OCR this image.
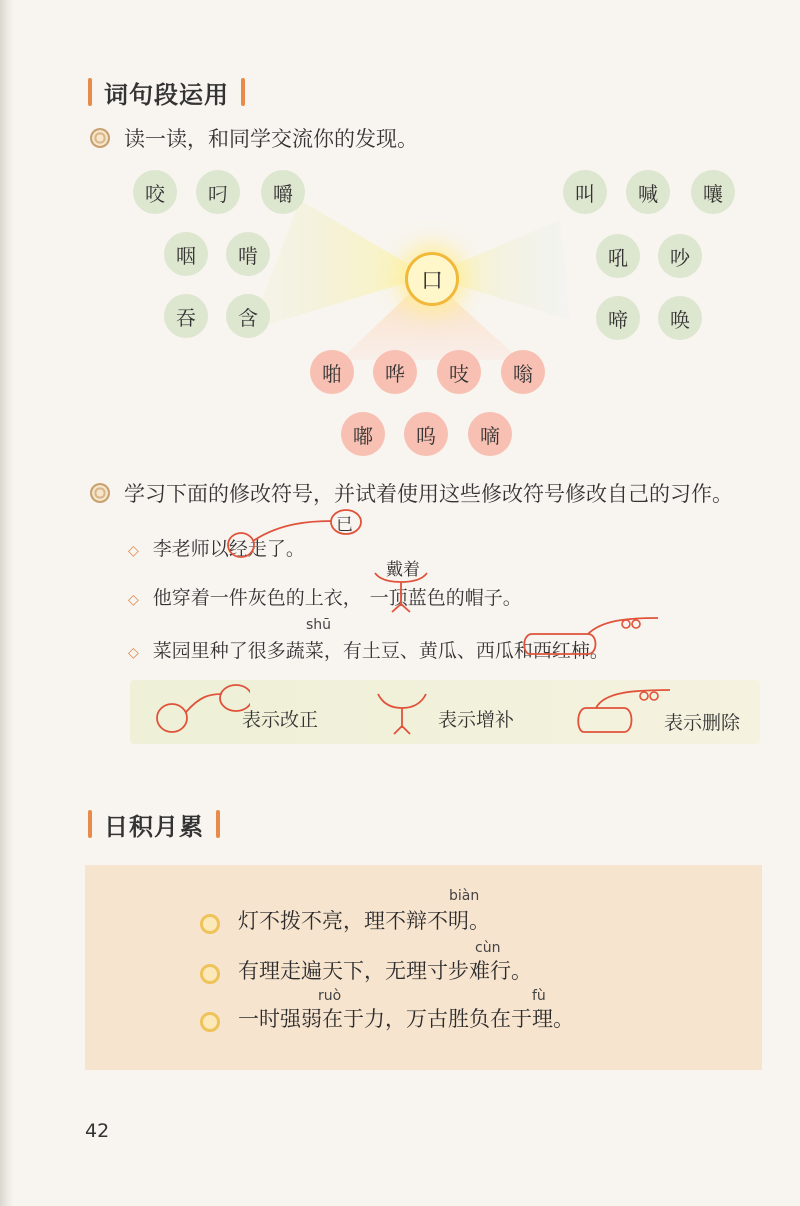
词句段运用
读一读，和同学交流你的发现。
口
咬	叼	嚼
咽	啃
吞	含
叫	喊	嚷
吼	吵
啼	唤
啪	哗	吱	嗡
嘟	呜	嘀
学习下面的修改符号，并试着使用这些修改符号修改自己的习作。
◇ 李老师以经走了。
已
戴着
◇ 他穿着一件灰色的上衣， 一顶蓝色的帽子。
shū
◇ 菜园里种了很多蔬菜，有土豆、黄瓜、西瓜和西红柿。
表示改正	表示增补	表示删除
日积月累
biàn
灯不拨不亮，理不辩不明。
cùn
有理走遍天下，无理寸步难行。
ruò	fù
一时强弱在于力，万古胜负在于理。
42
